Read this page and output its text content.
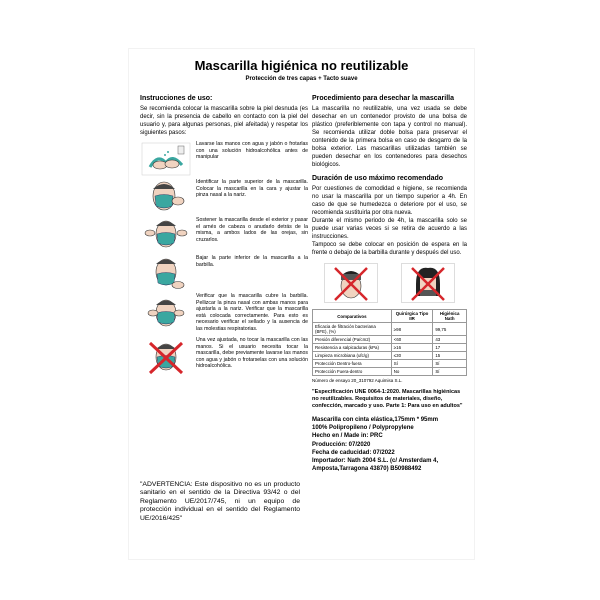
Mascarilla higiénica no reutilizable

Protección de tres capas + Tacto suave

Instrucciones de uso:

Se recomienda colocar la mascarilla sobre la piel desnuda (es decir, sin la presencia de cabello en contacto con la piel del usuario y, para algunas personas, piel afeitada) y respetar los siguientes pasos:

Lavarse las manos con agua y jabón o frotarlas con una solución hidroalcohólica antes de manipular
Identificar la parte superior de la mascarilla. Colocar la mascarilla en la cara y ajustar la pinza nasal a la nariz.
Sostener la mascarilla desde el exterior y pasar el arnés de cabeza o anudarlo detrás de la misma, a ambos lados de las orejas, sin cruzarlos.
Bajar la parte inferior de la mascarilla a la barbilla.
Verificar que la mascarilla cubre la barbilla. Pellizcar la pinza nasal con ambas manos para ajustarla a la nariz. Verificar que la mascarilla está colocada correctamente. Para esto es necesario verificar el sellado y la ausencia de las molestias respiratorias.
Una vez ajustada, no tocar la mascarilla con las manos. Si el usuario necesita tocar la mascarilla, debe previamente lavarse las manos con agua y jabón o frotarselas con una solución hidroalcohólica.
"ADVERTENCIA: Este dispositivo no es un producto sanitario en el sentido de la Directiva 93/42 o del Reglamento UE/2017/745, ni un equipo de protección individual en el sentido del Reglamento UE/2016/425"

Procedimiento para desechar la mascarilla

La mascarilla no reutilizable, una vez usada se debe desechar en un contenedor provisto de una bolsa de plástico (preferiblemente con tapa y control no manual). Se recomienda utilizar doble bolsa para preservar el contenido de la primera bolsa en caso de desgarro de la bolsa exterior. Las mascarillas utilizadas también se pueden desechar en los contenedores para desechos biológicos.

Duración de uso máximo recomendado

Por cuestiones de comodidad e higiene, se recomienda no usar la mascarilla por un tiempo superior a 4h. En caso de que se humedezca o deteriore por el uso, se recomienda sustituirla por otra nueva.

Durante el mismo periodo de 4h, la mascarilla solo se puede usar varias veces si se retira de acuerdo a las instrucciones.

Tampoco se debe colocar en posición de espera en la frente o debajo de la barbilla durante y después del uso.

Comparativos	Quirúrgica Tipo IIR	Higiénica Nath
Eficacia de filtración bacteriana (BFE), (%)	≥98	99,75
Presión diferencial (Pa/cm2)	<60	43
Resistencia a salpicaduras (kPa)	≥16	17
Limpieza microbiana (ufc/g)	≤30	15
Protección Dentro-fuera	Sí	Sí
Protección Fuera-dentro	No	Sí
Número de ensayo 20_310792 Aquimisa S.L.
"Especificación UNE 0064-1:2020. Mascarillas higiénicas no reutilizables. Requisitos de materiales, diseño, confección, marcado y uso. Parte 1: Para uso en adultos"
Mascarilla con cinta elástica,175mm * 95mm
100% Polipropileno / Polypropylene
Hecho en / Made in: PRC
Producción: 07/2020
Fecha de caducidad: 07/2022
Importador: Nath 2004 S.L. (c/ Amsterdam 4, Amposta,Tarragona 43870) B50988492
